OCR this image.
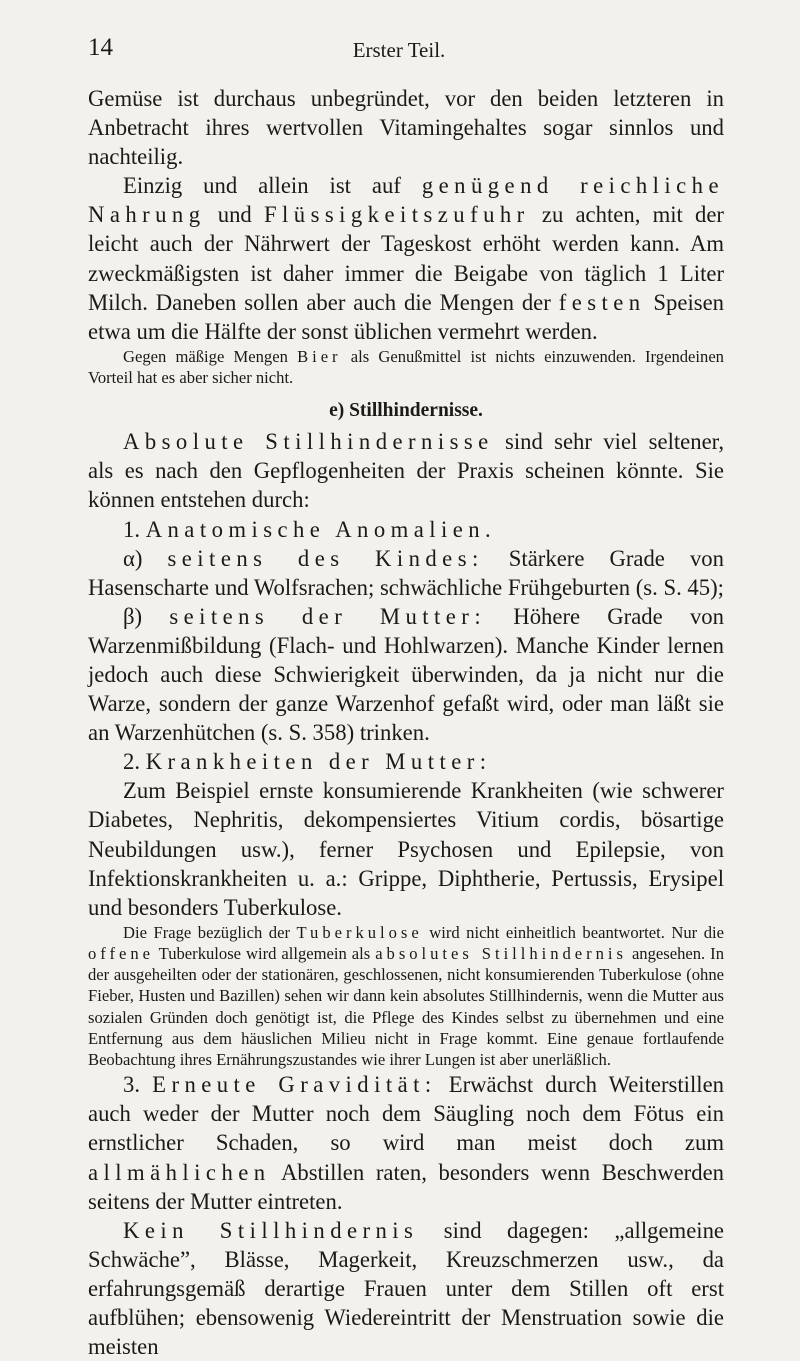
14	Erster Teil.

Gemüse ist durchaus unbegründet, vor den beiden letzteren in Anbetracht ihres wertvollen Vitamingehaltes sogar sinnlos und nachteilig.

Einzig und allein ist auf genügend reichliche Nahrung und Flüssigkeitszufuhr zu achten, mit der leicht auch der Nährwert der Tageskost erhöht werden kann. Am zweckmäßigsten ist daher immer die Beigabe von täglich 1 Liter Milch. Daneben sollen aber auch die Mengen der festen Speisen etwa um die Hälfte der sonst üblichen vermehrt werden.

Gegen mäßige Mengen Bier als Genußmittel ist nichts einzuwenden. Irgendeinen Vorteil hat es aber sicher nicht.

e) Stillhindernisse.

Absolute Stillhindernisse sind sehr viel seltener, als es nach den Gepflogenheiten der Praxis scheinen könnte. Sie können entstehen durch:

1. Anatomische Anomalien.

α) seitens des Kindes: Stärkere Grade von Hasenscharte und Wolfsrachen; schwächliche Frühgeburten (s. S. 45);

β) seitens der Mutter: Höhere Grade von Warzenmißbildung (Flach- und Hohlwarzen). Manche Kinder lernen jedoch auch diese Schwierigkeit überwinden, da ja nicht nur die Warze, sondern der ganze Warzenhof gefaßt wird, oder man läßt sie an Warzenhütchen (s. S. 358) trinken.

2. Krankheiten der Mutter:

Zum Beispiel ernste konsumierende Krankheiten (wie schwerer Diabetes, Nephritis, dekompensiertes Vitium cordis, bösartige Neubildungen usw.), ferner Psychosen und Epilepsie, von Infektionskrankheiten u. a.: Grippe, Diphtherie, Pertussis, Erysipel und besonders Tuberkulose.

Die Frage bezüglich der Tuberkulose wird nicht einheitlich beantwortet. Nur die offene Tuberkulose wird allgemein als absolutes Stillhindernis angesehen. In der ausgeheilten oder der stationären, geschlossenen, nicht konsumierenden Tuberkulose (ohne Fieber, Husten und Bazillen) sehen wir dann kein absolutes Stillhindernis, wenn die Mutter aus sozialen Gründen doch genötigt ist, die Pflege des Kindes selbst zu übernehmen und eine Entfernung aus dem häuslichen Milieu nicht in Frage kommt. Eine genaue fortlaufende Beobachtung ihres Ernährungszustandes wie ihrer Lungen ist aber unerläßlich.

3. Erneute Gravidität: Erwächst durch Weiterstillen auch weder der Mutter noch dem Säugling noch dem Fötus ein ernstlicher Schaden, so wird man meist doch zum allmählichen Abstillen raten, besonders wenn Beschwerden seitens der Mutter eintreten.

Kein Stillhindernis sind dagegen: „allgemeine Schwäche”, Blässe, Magerkeit, Kreuzschmerzen usw., da erfahrungsgemäß derartige Frauen unter dem Stillen oft erst aufblühen; ebensowenig Wiedereintritt der Menstruation sowie die meisten
